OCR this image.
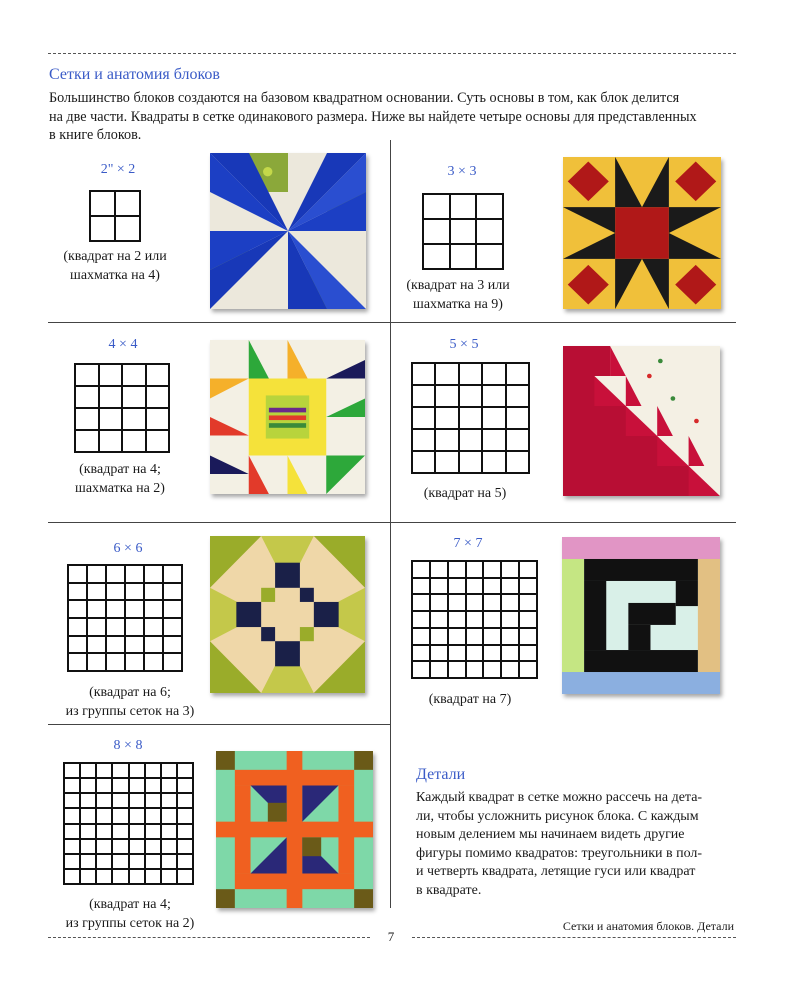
Сетки и анатомия блоков
Большинство блоков создаются на базовом квадратном основании. Суть основы в том, как блок делится
на две части. Квадраты в сетке одинакового размера. Ниже вы найдете четыре основы для представленных
в книге блоков.
2" × 2
(квадрат на 2 или
шахматка на 4)
3 × 3
(квадрат на 3 или
шахматка на 9)
4 × 4
(квадрат на 4;
шахматка на 2)
5 × 5
(квадрат на 5)
6 × 6
(квадрат на 6;
из группы сеток на 3)
7 × 7
(квадрат на 7)
8 × 8
(квадрат на 4;
из группы сеток на 2)
Детали
Каждый квадрат в сетке можно рассечь на дета-
ли, чтобы усложнить рисунок блока. С каждым
новым делением мы начинаем видеть другие
фигуры помимо квадратов: треугольники в пол-
и четверть квадрата, летящие гуси или квадрат
в квадрате.
Сетки и анатомия блоков. Детали
7
